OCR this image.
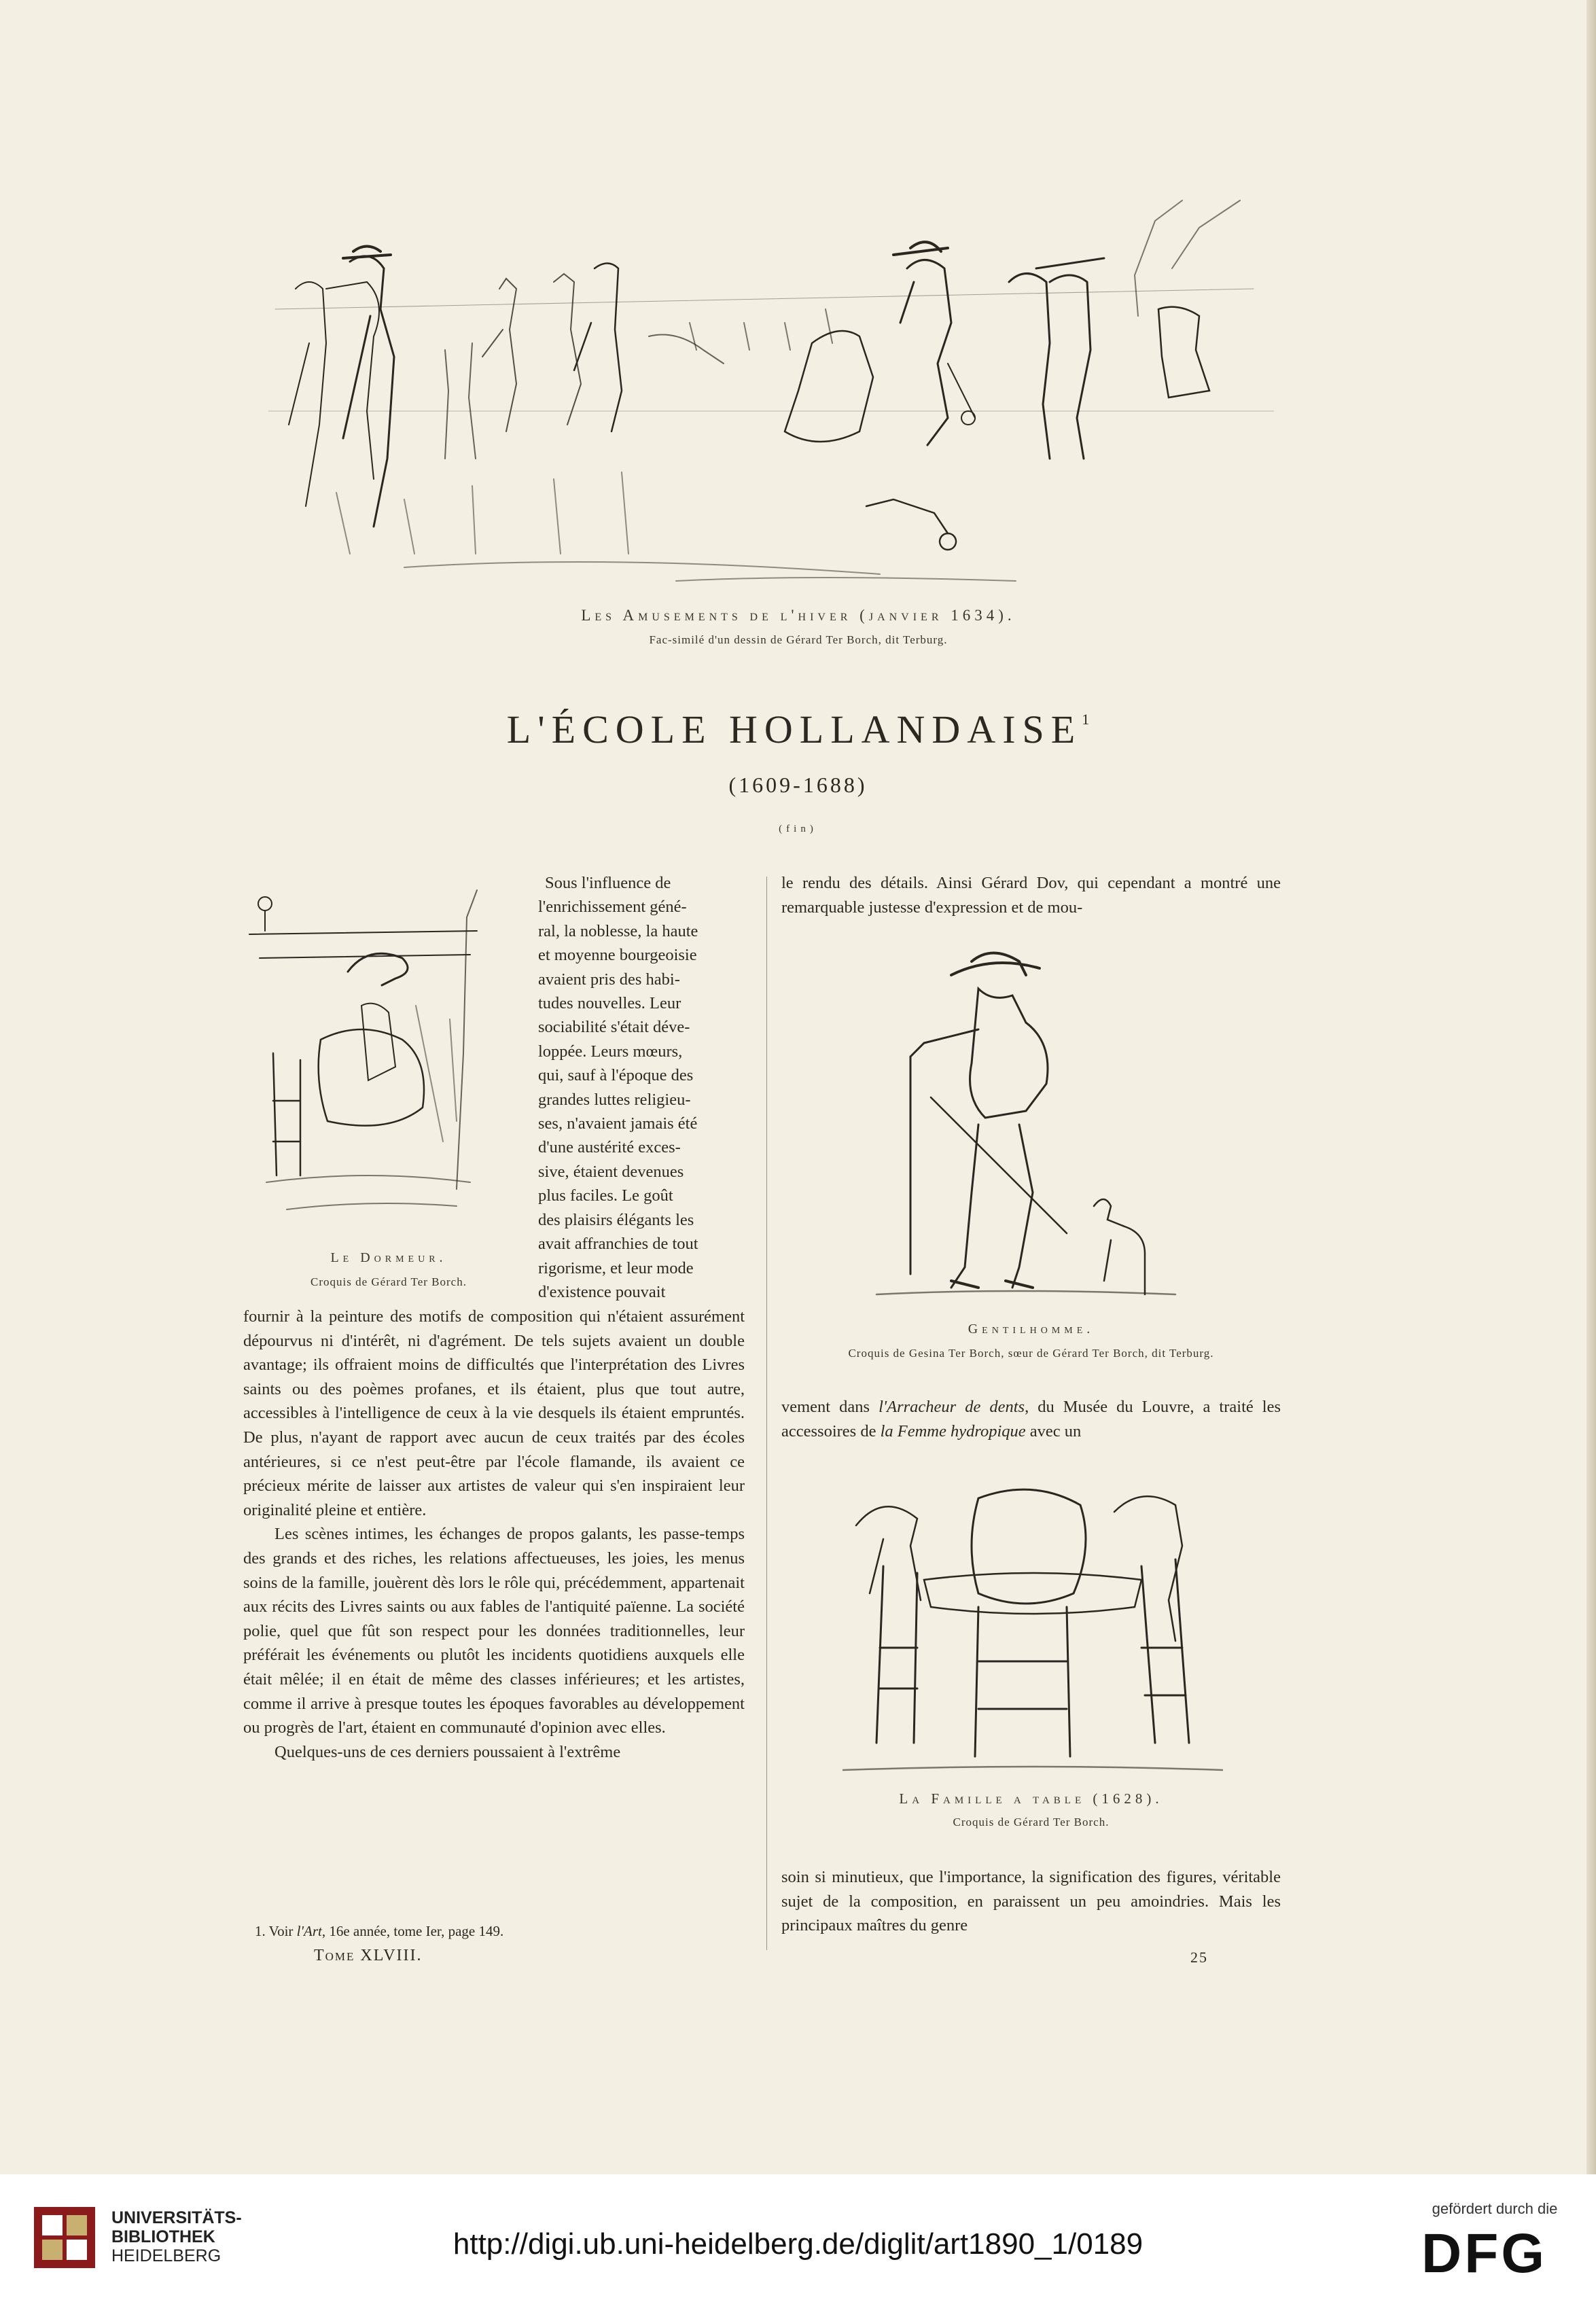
Les Amusements de l'hiver (janvier 1634).
Fac-similé d'un dessin de Gérard Ter Borch, dit Terburg.
L'ÉCOLE HOLLANDAISE$^1$
(1609-1688)
(fin)
Le Dormeur.
Croquis de Gérard Ter Borch.
Sous l'influence de
l'enrichissement géné-
ral, la noblesse, la haute
et moyenne bourgeoisie
avaient pris des habi-
tudes nouvelles. Leur
sociabilité s'était déve-
loppée. Leurs mœurs,
qui, sauf à l'époque des
grandes luttes religieu-
ses, n'avaient jamais été
d'une austérité exces-
sive, étaient devenues
plus faciles. Le goût
des plaisirs élégants les
avait affranchies de tout
rigorisme, et leur mode
d'existence pouvait

fournir à la peinture des motifs de composition qui n'étaient assurément dépourvus ni d'intérêt, ni d'agrément. De tels sujets avaient un double avantage; ils offraient moins de difficultés que l'interprétation des Livres saints ou des poèmes profanes, et ils étaient, plus que tout autre, accessibles à l'intelligence de ceux à la vie desquels ils étaient empruntés. De plus, n'ayant de rapport avec aucun de ceux traités par des écoles antérieures, si ce n'est peut-être par l'école flamande, ils avaient ce précieux mérite de laisser aux artistes de valeur qui s'en inspiraient leur originalité pleine et entière.

Les scènes intimes, les échanges de propos galants, les passe-temps des grands et des riches, les relations affectueuses, les joies, les menus soins de la famille, jouèrent dès lors le rôle qui, précédemment, appartenait aux récits des Livres saints ou aux fables de l'antiquité païenne. La société polie, quel que fût son respect pour les données traditionnelles, leur préférait les événements ou plutôt les incidents quotidiens auxquels elle était mêlée; il en était de même des classes inférieures; et les artistes, comme il arrive à presque toutes les époques favorables au développement ou progrès de l'art, étaient en communauté d'opinion avec elles.

Quelques-uns de ces derniers poussaient à l'extrême

1. Voir l'Art, 16e année, tome Ier, page 149.
Tome XLVIII.

le rendu des détails. Ainsi Gérard Dov, qui cependant a montré une remarquable justesse d'expression et de mou-

Gentilhomme.
Croquis de Gesina Ter Borch, sœur de Gérard Ter Borch, dit Terburg.

vement dans l'Arracheur de dents, du Musée du Louvre, a traité les accessoires de la Femme hydropique avec un

La Famille a table (1628).
Croquis de Gérard Ter Borch.

soin si minutieux, que l'importance, la signification des figures, véritable sujet de la composition, en paraissent un peu amoindries. Mais les principaux maîtres du genre

25
UNIVERSITÄTS-
BIBLIOTHEK
HEIDELBERG	http://digi.ub.uni-heidelberg.de/diglit/art1890_1/0189
gefördert durch die
DFG
